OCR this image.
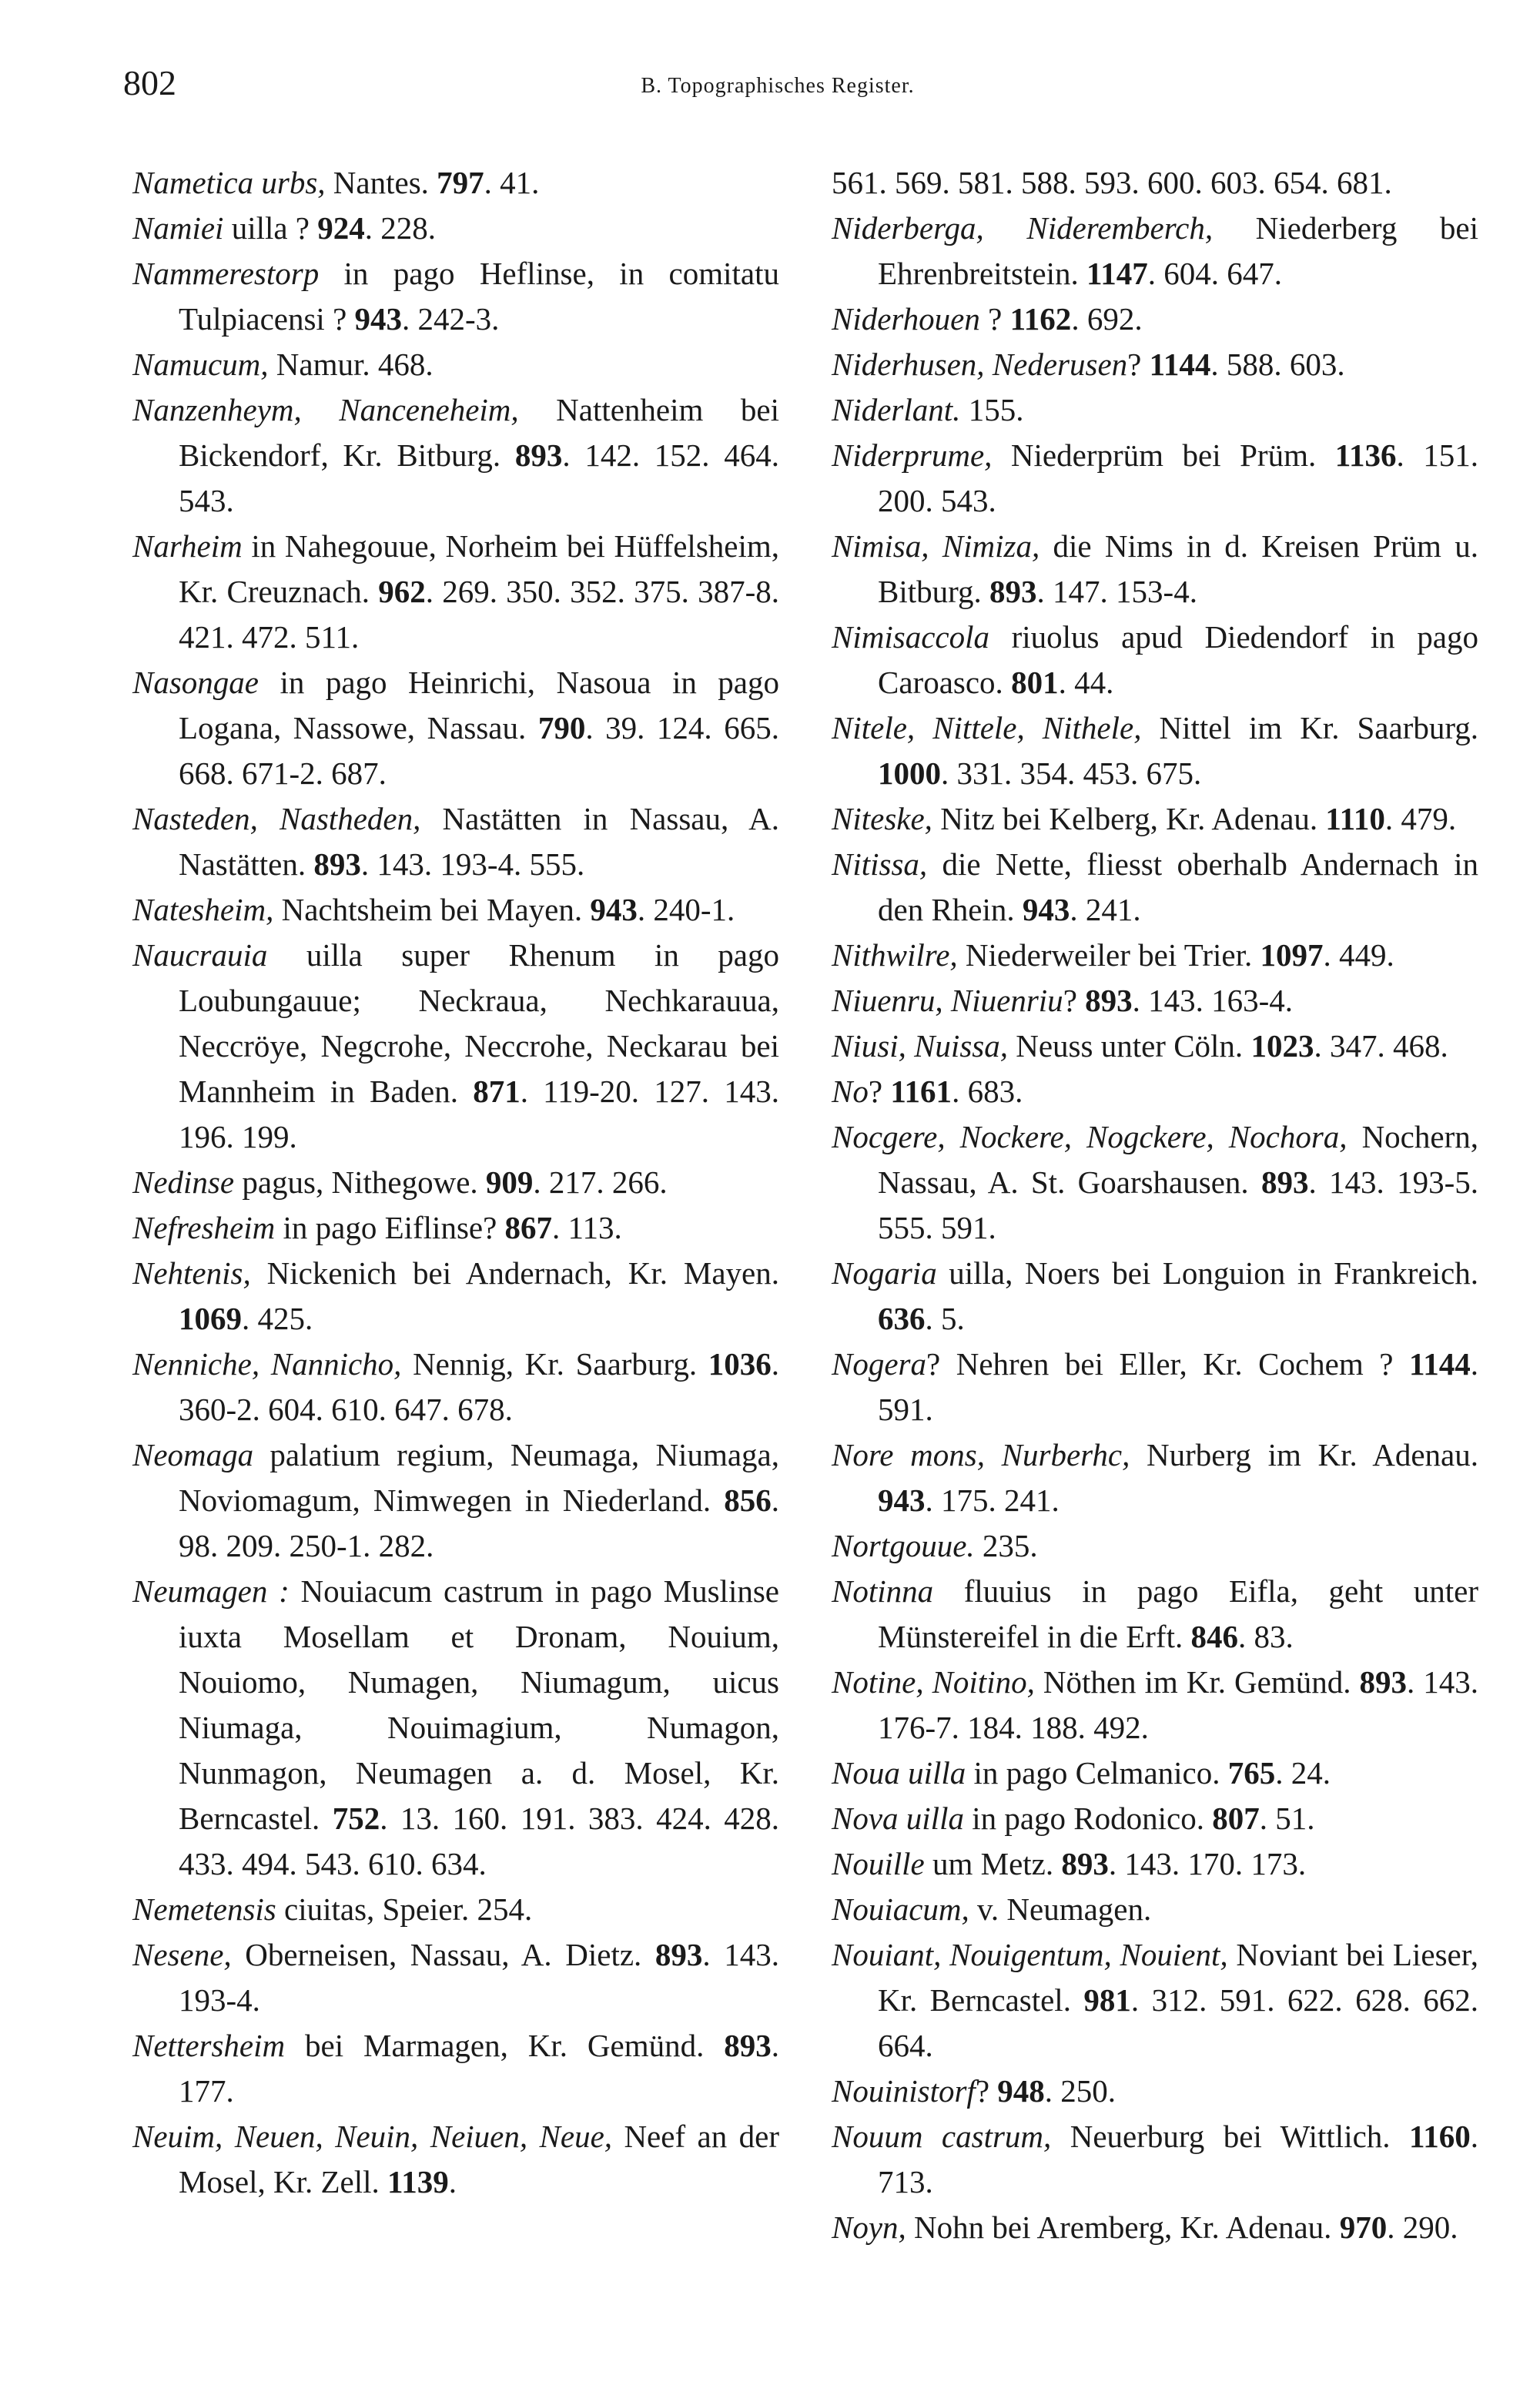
802	B. Topographisches Register.

Nametica urbs, Nantes. 797. 41.

Namiei uilla ? 924. 228.

Nammerestorp in pago Heflinse, in comitatu Tulpiacensi ? 943. 242-3.

Namucum, Namur. 468.

Nanzenheym, Nanceneheim, Nattenheim bei Bickendorf, Kr. Bitburg. 893. 142. 152. 464. 543.

Narheim in Nahegouue, Norheim bei Hüffelsheim, Kr. Creuznach. 962. 269. 350. 352. 375. 387-8. 421. 472. 511.

Nasongae in pago Heinrichi, Nasoua in pago Logana, Nassowe, Nassau. 790. 39. 124. 665. 668. 671-2. 687.

Nasteden, Nastheden, Nastätten in Nassau, A. Nastätten. 893. 143. 193-4. 555.

Natesheim, Nachtsheim bei Mayen. 943. 240-1.

Naucrauia uilla super Rhenum in pago Loubungauue; Neckraua, Nechkarauua, Neccröye, Negcrohe, Neccrohe, Neckarau bei Mannheim in Baden. 871. 119-20. 127. 143. 196. 199.

Nedinse pagus, Nithegowe. 909. 217. 266.

Nefresheim in pago Eiflinse? 867. 113.

Nehtenis, Nickenich bei Andernach, Kr. Mayen. 1069. 425.

Nenniche, Nannicho, Nennig, Kr. Saarburg. 1036. 360-2. 604. 610. 647. 678.

Neomaga palatium regium, Neumaga, Niumaga, Noviomagum, Nimwegen in Niederland. 856. 98. 209. 250-1. 282.

Neumagen : Nouiacum castrum in pago Muslinse iuxta Mosellam et Dronam, Nouium, Nouiomo, Numagen, Niumagum, uicus Niumaga, Nouimagium, Numagon, Nunmagon, Neumagen a. d. Mosel, Kr. Berncastel. 752. 13. 160. 191. 383. 424. 428. 433. 494. 543. 610. 634.

Nemetensis ciuitas, Speier. 254.

Nesene, Oberneisen, Nassau, A. Dietz. 893. 143. 193-4.

Nettersheim bei Marmagen, Kr. Gemünd. 893. 177.

Neuim, Neuen, Neuin, Neiuen, Neue, Neef an der Mosel, Kr. Zell. 1139.

561. 569. 581. 588. 593. 600. 603. 654. 681.

Niderberga, Nideremberch, Niederberg bei Ehrenbreitstein. 1147. 604. 647.

Niderhouen ? 1162. 692.

Niderhusen, Nederusen? 1144. 588. 603.

Niderlant. 155.

Niderprume, Niederprüm bei Prüm. 1136. 151. 200. 543.

Nimisa, Nimiza, die Nims in d. Kreisen Prüm u. Bitburg. 893. 147. 153-4.

Nimisaccola riuolus apud Diedendorf in pago Caroasco. 801. 44.

Nitele, Nittele, Nithele, Nittel im Kr. Saarburg. 1000. 331. 354. 453. 675.

Niteske, Nitz bei Kelberg, Kr. Adenau. 1110. 479.

Nitissa, die Nette, fliesst oberhalb Andernach in den Rhein. 943. 241.

Nithwilre, Niederweiler bei Trier. 1097. 449.

Niuenru, Niuenriu? 893. 143. 163-4.

Niusi, Nuissa, Neuss unter Cöln. 1023. 347. 468.

No? 1161. 683.

Nocgere, Nockere, Nogckere, Nochora, Nochern, Nassau, A. St. Goarshausen. 893. 143. 193-5. 555. 591.

Nogaria uilla, Noers bei Longuion in Frankreich. 636. 5.

Nogera? Nehren bei Eller, Kr. Cochem ? 1144. 591.

Nore mons, Nurberhc, Nurberg im Kr. Adenau. 943. 175. 241.

Nortgouue. 235.

Notinna fluuius in pago Eifla, geht unter Münstereifel in die Erft. 846. 83.

Notine, Noitino, Nöthen im Kr. Gemünd. 893. 143. 176-7. 184. 188. 492.

Noua uilla in pago Celmanico. 765. 24.

Nova uilla in pago Rodonico. 807. 51.

Nouille um Metz. 893. 143. 170. 173.

Nouiacum, v. Neumagen.

Nouiant, Nouigentum, Nouient, Noviant bei Lieser, Kr. Berncastel. 981. 312. 591. 622. 628. 662. 664.

Nouinistorf? 948. 250.

Nouum castrum, Neuerburg bei Wittlich. 1160. 713.

Noyn, Nohn bei Aremberg, Kr. Adenau. 970. 290.
